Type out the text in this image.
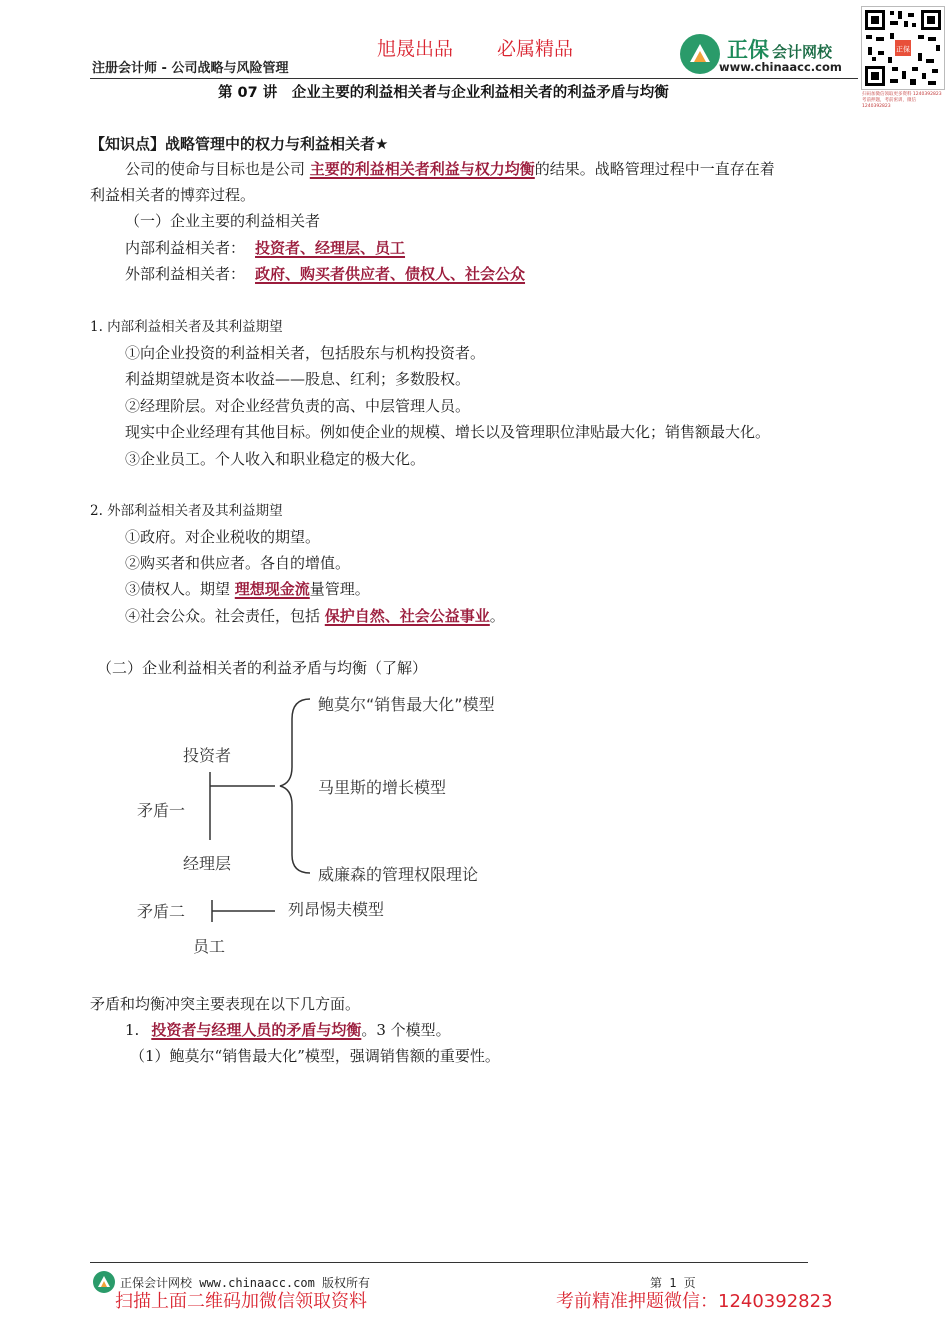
旭晟出品 必属精品
注册会计师 - 公司战略与风险管理
正保 会计网校
www.chinaacc.com
正保
扫码加微信领取更多资料 1240392823 考前押题，考前密训，微信 1240392823
第 07 讲　企业主要的利益相关者与企业利益相关者的利益矛盾与均衡
【知识点】战略管理中的权力与利益相关者★
公司的使命与目标也是公司 主要的利益相关者利益与权力均衡的结果。战略管理过程中一直存在着
利益相关者的博弈过程。
（一）企业主要的利益相关者
内部利益相关者： 投资者、经理层、员工
外部利益相关者： 政府、购买者供应者、债权人、社会公众
1. 内部利益相关者及其利益期望
①向企业投资的利益相关者，包括股东与机构投资者。
利益期望就是资本收益——股息、红利；多数股权。
②经理阶层。对企业经营负责的高、中层管理人员。
现实中企业经理有其他目标。例如使企业的规模、增长以及管理职位津贴最大化；销售额最大化。
③企业员工。个人收入和职业稳定的极大化。
2. 外部利益相关者及其利益期望
①政府。对企业税收的期望。
②购买者和供应者。各自的增值。
③债权人。期望 理想现金流量管理。
④社会公众。社会责任，包括 保护自然、社会公益事业。
（二）企业利益相关者的利益矛盾与均衡（了解）
投资者
矛盾一
经理层
矛盾二
员工
鲍莫尔“销售最大化”模型
马里斯的增长模型
威廉森的管理权限理论
列昂惕夫模型
矛盾和均衡冲突主要表现在以下几方面。
1. 投资者与经理人员的矛盾与均衡。3 个模型。
（1）鲍莫尔“销售最大化”模型，强调销售额的重要性。
正保会计网校 www.chinaacc.com 版权所有	第 1 页
扫描上面二维码加微信领取资料	考前精准押题微信：1240392823
